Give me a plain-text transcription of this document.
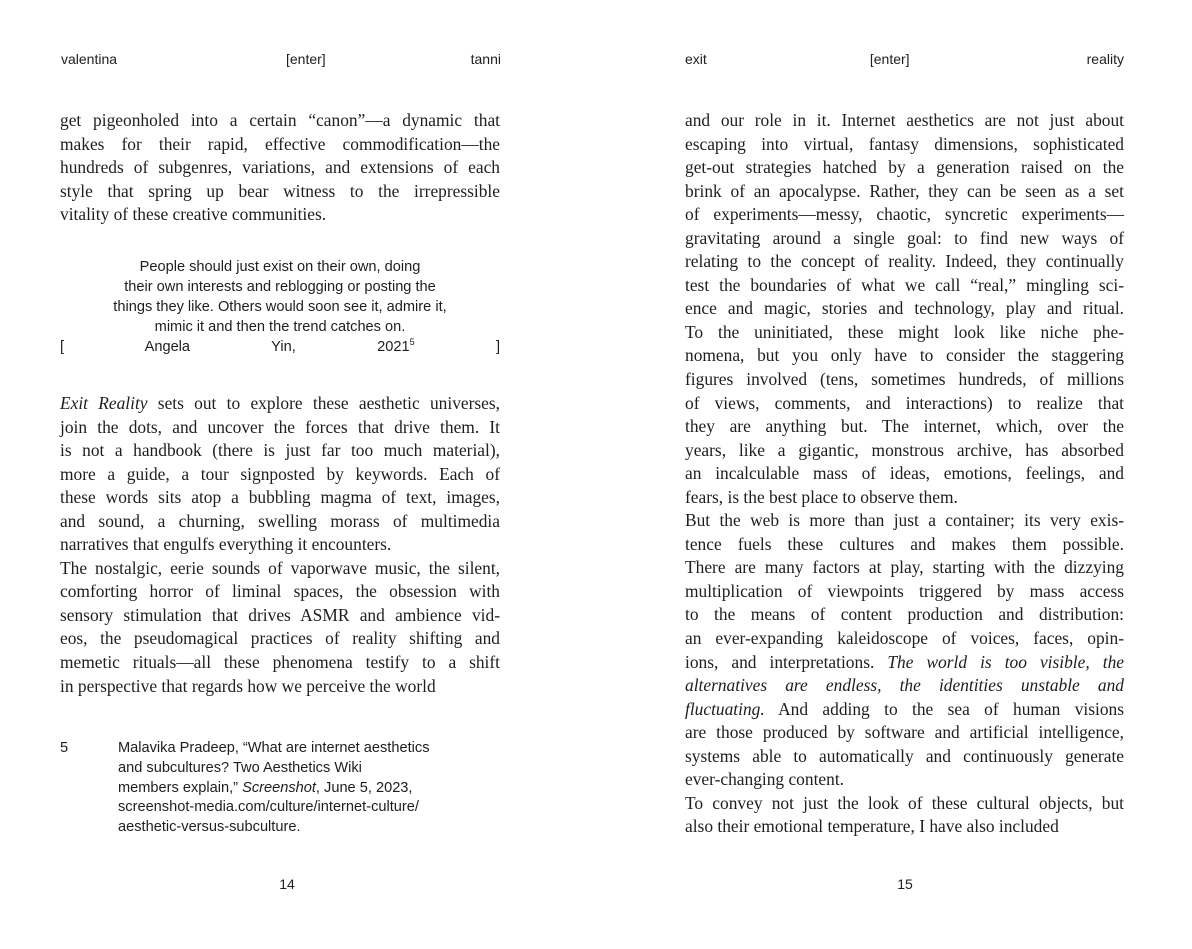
valentina	[enter]	tanni
get pigeonholed into a certain “canon”—a dynamic that
makes for their rapid, effective commodification—the
hundreds of subgenres, variations, and extensions of each
style that spring up bear witness to the irrepressible
vitality of these creative communities.
People should just exist on their own, doing
their own interests and reblogging or posting the
things they like. Others would soon see it, admire it,
mimic it and then the trend catches on.
[ Angela Yin, 2021$^5$ ]
Exit Reality sets out to explore these aesthetic universes,
join the dots, and uncover the forces that drive them. It
is not a handbook (there is just far too much material),
more a guide, a tour signposted by keywords. Each of
these words sits atop a bubbling magma of text, images,
and sound, a churning, swelling morass of multimedia
narratives that engulfs everything it encounters.
The nostalgic, eerie sounds of vaporwave music, the silent,
comforting horror of liminal spaces, the obsession with
sensory stimulation that drives ASMR and ambience vid-
eos, the pseudomagical practices of reality shifting and
memetic rituals—all these phenomena testify to a shift
in perspective that regards how we perceive the world
5	Malavika Pradeep, “What are internet aesthetics
and subcultures? Two Aesthetics Wiki
members explain,” Screenshot, June 5, 2023,
screenshot-media.com/culture/internet-culture/
aesthetic-versus-subculture.
14
exit	[enter]	reality
and our role in it. Internet aesthetics are not just about
escaping into virtual, fantasy dimensions, sophisticated
get-out strategies hatched by a generation raised on the
brink of an apocalypse. Rather, they can be seen as a set
of experiments—messy, chaotic, syncretic experiments—
gravitating around a single goal: to find new ways of
relating to the concept of reality. Indeed, they continually
test the boundaries of what we call “real,” mingling sci-
ence and magic, stories and technology, play and ritual.
To the uninitiated, these might look like niche phe-
nomena, but you only have to consider the staggering
figures involved (tens, sometimes hundreds, of millions
of views, comments, and interactions) to realize that
they are anything but. The internet, which, over the
years, like a gigantic, monstrous archive, has absorbed
an incalculable mass of ideas, emotions, feelings, and
fears, is the best place to observe them.
But the web is more than just a container; its very exis-
tence fuels these cultures and makes them possible.
There are many factors at play, starting with the dizzying
multiplication of viewpoints triggered by mass access
to the means of content production and distribution:
an ever-expanding kaleidoscope of voices, faces, opin-
ions, and interpretations. The world is too visible, the
alternatives are endless, the identities unstable and
fluctuating. And adding to the sea of human visions
are those produced by software and artificial intelligence,
systems able to automatically and continuously generate
ever-changing content.
To convey not just the look of these cultural objects, but
also their emotional temperature, I have also included
15
